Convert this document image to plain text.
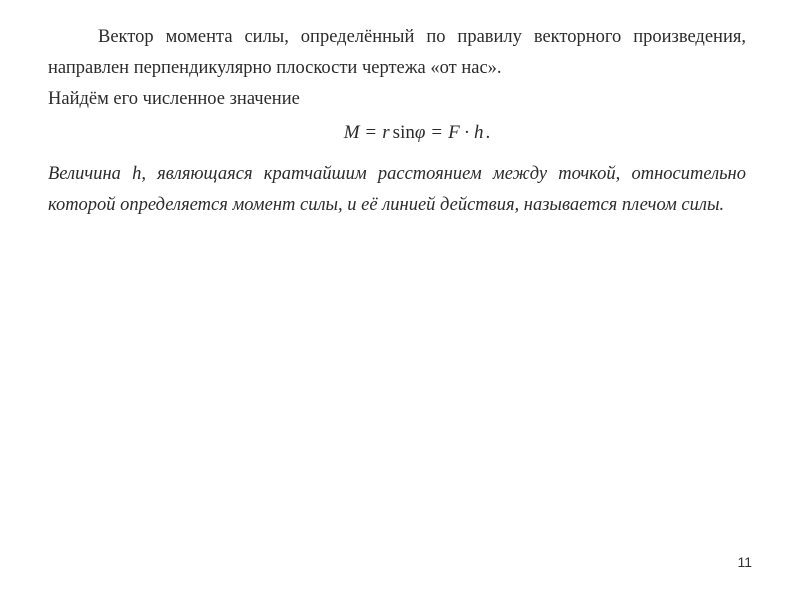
Вектор момента силы, определённый по правилу векторного произведения, направлен перпендикулярно плоскости чертежа «от нас».

Найдём его численное значение

M = r sinφ = F · h .

Величина h, являющаяся кратчайшим расстоянием между точкой, относительно которой определяется момент силы, и её линией действия, называется плечом силы.

11
